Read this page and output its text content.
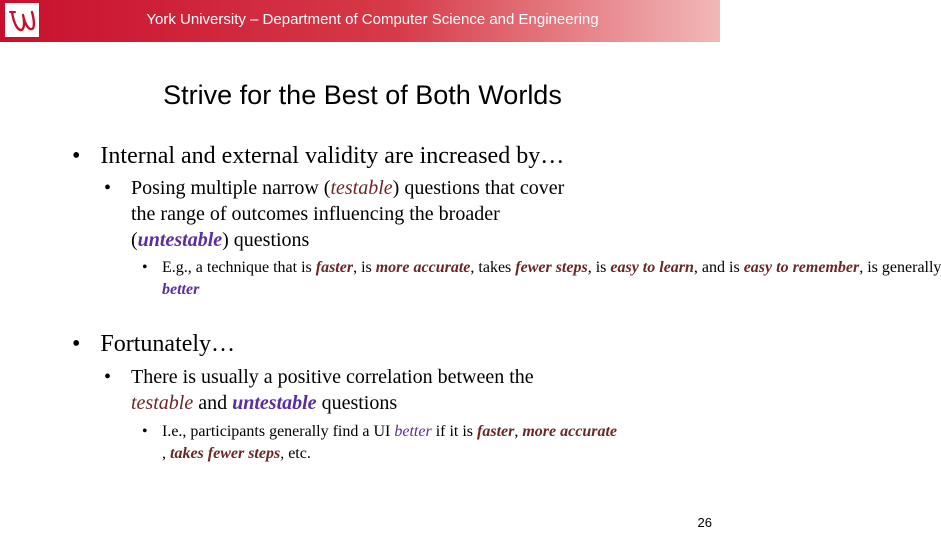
York University – Department of Computer Science and Engineering
Strive for the Best of Both Worlds
• Internal and external validity are increased by…
• Posing multiple narrow (testable) questions that cover
the range of outcomes influencing the broader
(untestable) questions
• E.g., a technique that is faster, is more accurate, takes fewer steps, is easy to learn, and is easy to remember, is generally
better
• Fortunately…
• There is usually a positive correlation between the
testable and untestable questions
• I.e., participants generally find a UI better if it is faster, more accurate
, takes fewer steps, etc.
26
